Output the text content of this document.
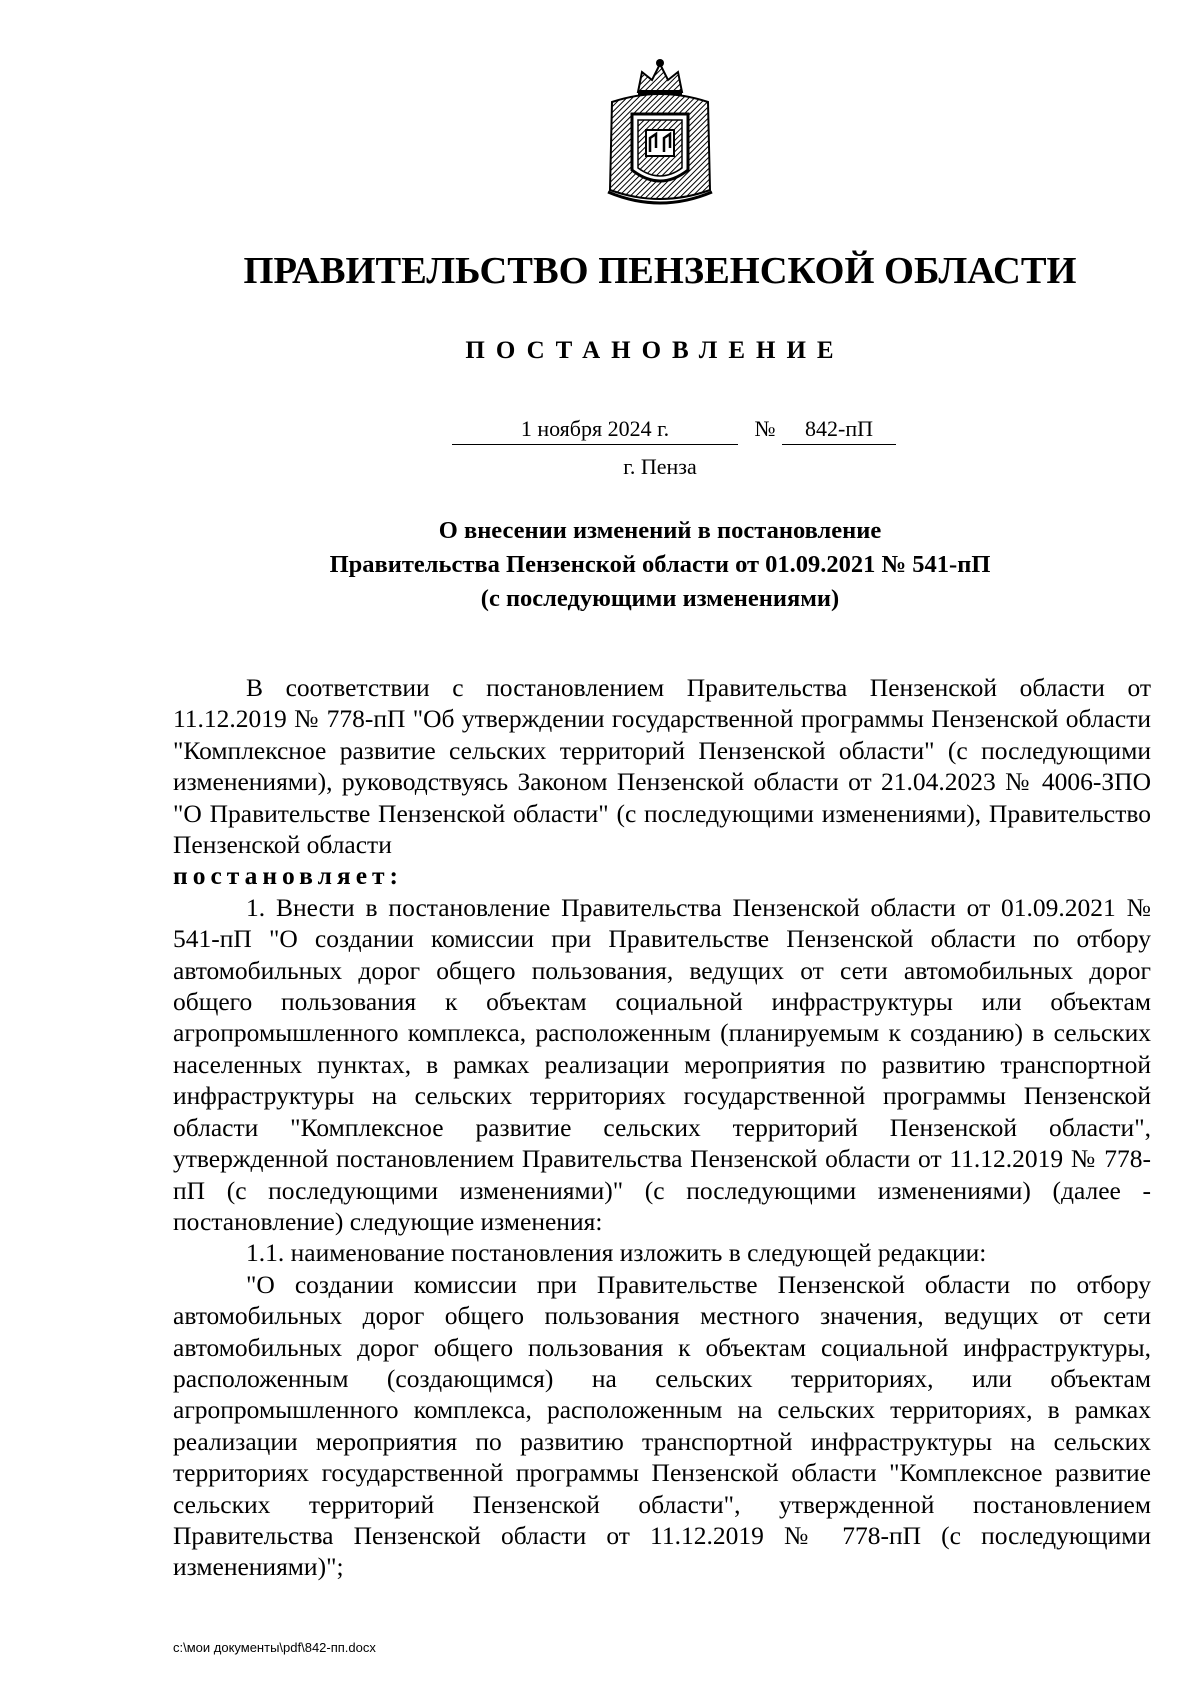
ПРАВИТЕЛЬСТВО ПЕНЗЕНСКОЙ ОБЛАСТИ
ПОСТАНОВЛЕНИЕ
1 ноября 2024 г.	№	842-пП
г. Пенза
О внесении изменений в постановление
Правительства Пензенской области от 01.09.2021 № 541-пП
(с последующими изменениями)

В соответствии с постановлением Правительства Пензенской области от 11.12.2019 № 778-пП "Об утверждении государственной программы Пензенской области "Комплексное развитие сельских территорий Пензенской области" (с последующими изменениями), руководствуясь Законом Пензенской области от 21.04.2023 № 4006-ЗПО "О Правительстве Пензенской области" (с последующими изменениями), Правительство Пензенской области

постановляет:

1. Внести в постановление Правительства Пензенской области от 01.09.2021 № 541-пП "О создании комиссии при Правительстве Пензенской области по отбору автомобильных дорог общего пользования, ведущих от сети автомобильных дорог общего пользования к объектам социальной инфраструктуры или объектам агропромышленного комплекса, расположенным (планируемым к созданию) в сельских населенных пунктах, в рамках реализации мероприятия по развитию транспортной инфраструктуры на сельских территориях государственной программы Пензенской области "Комплексное развитие сельских территорий Пензенской области", утвержденной постановлением Правительства Пензенской области от 11.12.2019 № 778-пП (с последующими изменениями)" (с последующими изменениями) (далее - постановление) следующие изменения:

1.1. наименование постановления изложить в следующей редакции:

"О создании комиссии при Правительстве Пензенской области по отбору автомобильных дорог общего пользования местного значения, ведущих от сети автомобильных дорог общего пользования к объектам социальной инфраструктуры, расположенным (создающимся) на сельских территориях, или объектам агропромышленного комплекса, расположенным на сельских территориях, в рамках реализации мероприятия по развитию транспортной инфраструктуры на сельских территориях государственной программы Пензенской области "Комплексное развитие сельских территорий Пензенской области", утвержденной постановлением Правительства Пензенской области от 11.12.2019 № 778-пП (с последующими изменениями)";

c:\мои документы\pdf\842-пп.docx
